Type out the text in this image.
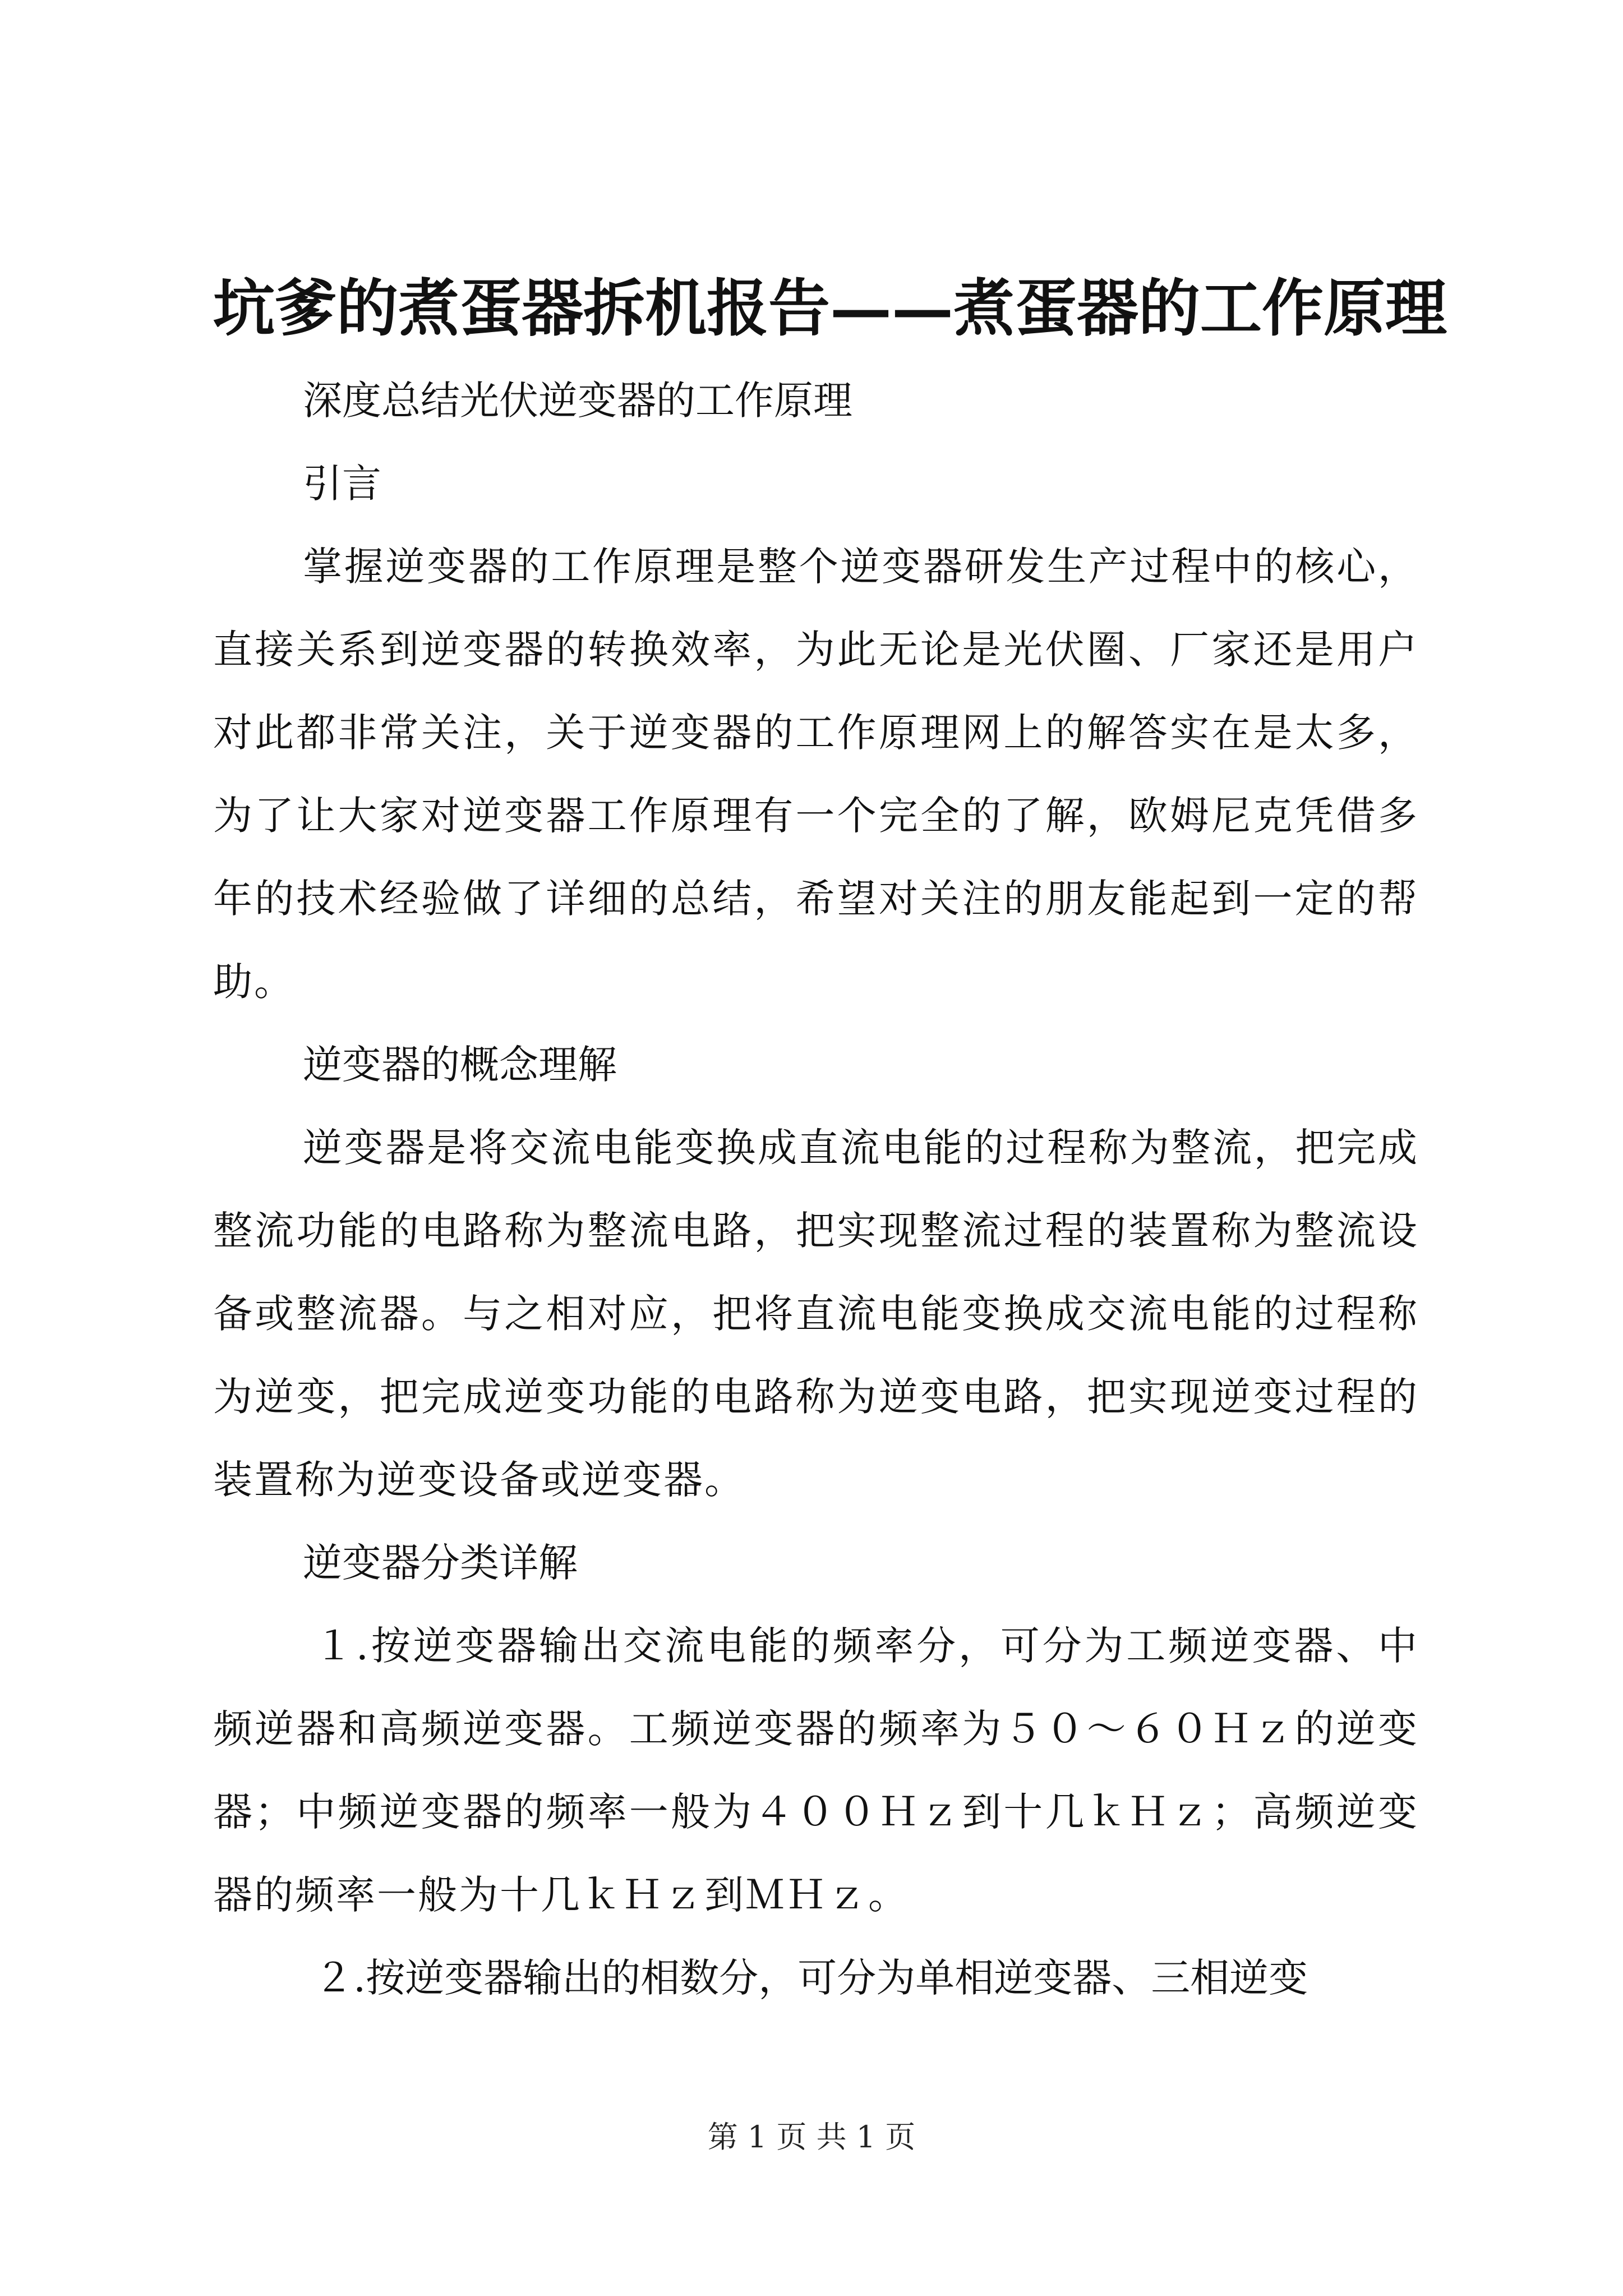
坑爹的煮蛋器拆机报告——煮蛋器的工作原理

深度总结光伏逆变器的工作原理

引言

掌握逆变器的工作原理是整个逆变器研发生产过程中的核心，直接关系到逆变器的转换效率，为此无论是光伏圈、厂家还是用户对此都非常关注，关于逆变器的工作原理网上的解答实在是太多，为了让大家对逆变器工作原理有一个完全的了解，欧姆尼克凭借多年的技术经验做了详细的总结，希望对关注的朋友能起到一定的帮助。

逆变器的概念理解

逆变器是将交流电能变换成直流电能的过程称为整流，把完成整流功能的电路称为整流电路，把实现整流过程的装置称为整流设备或整流器。与之相对应，把将直流电能变换成交流电能的过程称为逆变，把完成逆变功能的电路称为逆变电路，把实现逆变过程的装置称为逆变设备或逆变器。

逆变器分类详解

１.按逆变器输出交流电能的频率分，可分为工频逆变器、中频逆器和高频逆变器。工频逆变器的频率为５０～６０Ｈｚ的逆变器；中频逆变器的频率一般为４００Ｈｚ到十几ｋＨｚ；高频逆变器的频率一般为十几ｋＨｚ到ＭＨｚ。

２.按逆变器输出的相数分，可分为单相逆变器、三相逆变

第 1 页 共 1 页
